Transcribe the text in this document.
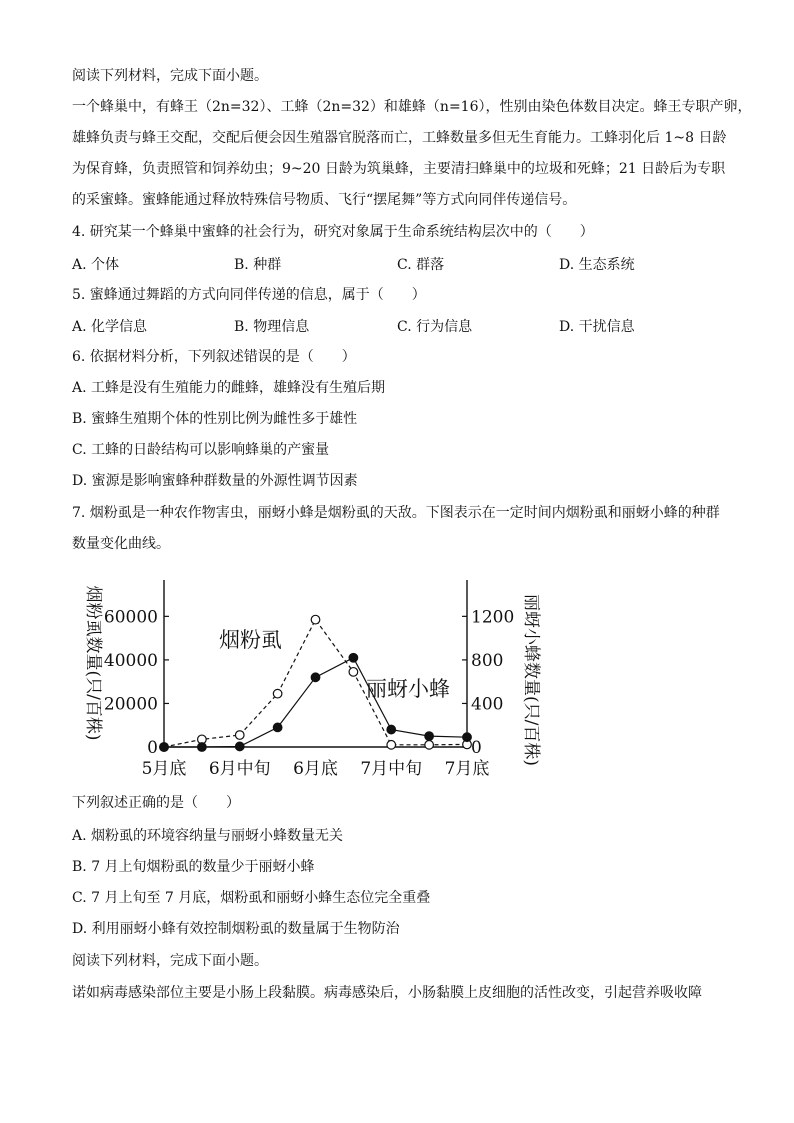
阅读下列材料，完成下面小题。
一个蜂巢中，有蜂王（2n=32）、工蜂（2n=32）和雄蜂（n=16），性别由染色体数目决定。蜂王专职产卵，
雄蜂负责与蜂王交配，交配后便会因生殖器官脱落而亡，工蜂数量多但无生育能力。工蜂羽化后 1~8 日龄
为保育蜂，负责照管和饲养幼虫；9~20 日龄为筑巢蜂，主要清扫蜂巢中的垃圾和死蜂；21 日龄后为专职
的采蜜蜂。蜜蜂能通过释放特殊信号物质、飞行“摆尾舞”等方式向同伴传递信号。
4. 研究某一个蜂巢中蜜蜂的社会行为，研究对象属于生命系统结构层次中的（　　）
A. 个体	B. 种群	C. 群落	D. 生态系统
5. 蜜蜂通过舞蹈的方式向同伴传递的信息，属于（　　）
A. 化学信息	B. 物理信息	C. 行为信息	D. 干扰信息
6. 依据材料分析，下列叙述错误的是（　　）
A. 工蜂是没有生殖能力的雌蜂，雄蜂没有生殖后期
B. 蜜蜂生殖期个体的性别比例为雌性多于雄性
C. 工蜂的日龄结构可以影响蜂巢的产蜜量
D. 蜜源是影响蜜蜂种群数量的外源性调节因素
7. 烟粉虱是一种农作物害虫，丽蚜小蜂是烟粉虱的天敌。下图表示在一定时间内烟粉虱和丽蚜小蜂的种群
数量变化曲线。
0
20000
40000
60000
0
400
800
1200
5月底 6月中旬 6月底 7月中旬 7月底
烟粉虱数量(只/百株)	丽蚜小蜂数量(只/百株)
烟粉虱
丽蚜小蜂
下列叙述正确的是（　　）
A. 烟粉虱的环境容纳量与丽蚜小蜂数量无关
B. 7 月上旬烟粉虱的数量少于丽蚜小蜂
C. 7 月上旬至 7 月底，烟粉虱和丽蚜小蜂生态位完全重叠
D. 利用丽蚜小蜂有效控制烟粉虱的数量属于生物防治
阅读下列材料，完成下面小题。
诺如病毒感染部位主要是小肠上段黏膜。病毒感染后，小肠黏膜上皮细胞的活性改变，引起营养吸收障
